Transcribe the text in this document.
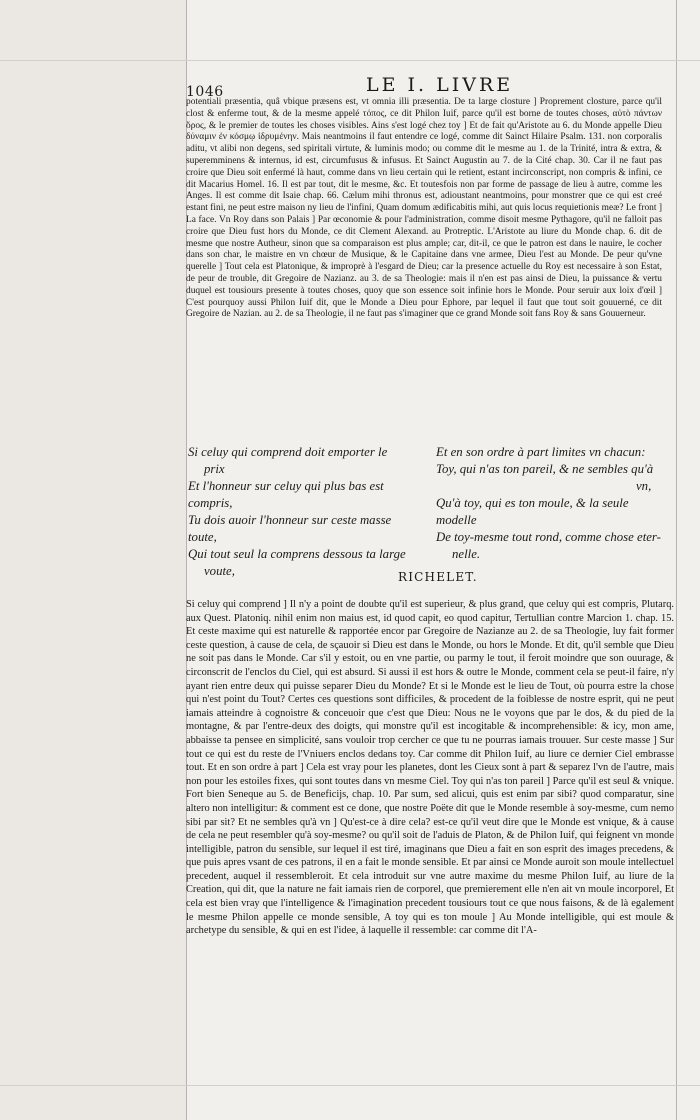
1046	LE I. LIVRE

potentiali præsentia, quâ vbique præsens est, vt omnia illi præsentia. De ta large closture ] Proprement closture, parce qu'il clost & enferme tout, & de la mesme appelé τόπος, ce dit Philon Iuif, parce qu'il est borne de toutes choses, αὐτὸ πάντων ὅρος, & le premier de toutes les choses visibles. Ains s'est logé chez toy ] Et de fait qu'Aristote au 6. du Monde appelle Dieu δύναμιν ἐν κόσμῳ ἱδρυμένην. Mais neantmoins il faut entendre ce logé, comme dit Sainct Hilaire Psalm. 131. non corporalis aditu, vt alibi non degens, sed spiritali virtute, & luminis modo; ou comme dit le mesme au 1. de la Trinité, intra & extra, & superemminens & internus, id est, circumfusus & infusus. Et Sainct Augustin au 7. de la Cité chap. 30. Car il ne faut pas croire que Dieu soit enfermé là haut, comme dans vn lieu certain qui le retient, estant incirconscript, non compris & infini, ce dit Macarius Homel. 16. Il est par tout, dit le mesme, &c. Et toutesfois non par forme de passage de lieu à autre, comme les Anges. Il est comme dit Isaie chap. 66. Cælum mihi thronus est, adioustant neantmoins, pour monstrer que ce qui est creé estant fini, ne peut estre maison ny lieu de l'infini, Quam domum ædificabitis mihi, aut quis locus requietionis meæ? Le front ] La face. Vn Roy dans son Palais ] Par œconomie & pour l'administration, comme disoit mesme Pythagore, qu'il ne falloit pas croire que Dieu fust hors du Monde, ce dit Clement Alexand. au Protreptic. L'Aristote au liure du Monde chap. 6. dit de mesme que nostre Autheur, sinon que sa comparaison est plus ample; car, dit-il, ce que le patron est dans le nauire, le cocher dans son char, le maistre en vn chœur de Musique, & le Capitaine dans vne armee, Dieu l'est au Monde. De peur qu'vne querelle ] Tout cela est Platonique, & improprè à l'esgard de Dieu; car la presence actuelle du Roy est necessaire à son Estat, de peur de trouble, dit Gregoire de Nazianz. au 3. de sa Theologie: mais il n'en est pas ainsi de Dieu, la puissance & vertu duquel est tousiours presente à toutes choses, quoy que son essence soit infinie hors le Monde. Pour seruir aux loix d'œil ] C'est pourquoy aussi Philon Iuif dit, que le Monde a Dieu pour Ephore, par lequel il faut que tout soit gouuerné, ce dit Gregoire de Nazian. au 2. de sa Theologie, il ne faut pas s'imaginer que ce grand Monde soit fans Roy & sans Gouuerneur.

Si celuy qui comprend doit emporter le
prix
Et l'honneur sur celuy qui plus bas est compris,
Tu dois auoir l'honneur sur ceste masse toute,
Qui tout seul la comprens dessous ta large
voute,
Et en son ordre à part limites vn chacun:
Toy, qui n'as ton pareil, & ne sembles qu'à
vn,
Qu'à toy, qui es ton moule, & la seule modelle
De toy-mesme tout rond, comme chose eter-
nelle.
RICHELET.

Si celuy qui comprend ] Il n'y a point de doubte qu'il est superieur, & plus grand, que celuy qui est compris, Plutarq. aux Quest. Platoniq. nihil enim non maius est, id quod capit, eo quod capitur, Tertullian contre Marcion 1. chap. 15. Et ceste maxime qui est naturelle & rapportée encor par Gregoire de Nazianze au 2. de sa Theologie, luy fait former ceste question, à cause de cela, de sçauoir si Dieu est dans le Monde, ou hors le Monde. Et dit, qu'il semble que Dieu ne soit pas dans le Monde. Car s'il y estoit, ou en vne partie, ou parmy le tout, il feroit moindre que son ouurage, & circonscrit de l'enclos du Ciel, qui est absurd. Si aussi il est hors & outre le Monde, comment cela se peut-il faire, n'y ayant rien entre deux qui puisse separer Dieu du Monde? Et si le Monde est le lieu de Tout, où pourra estre la chose qui n'est point du Tout? Certes ces questions sont difficiles, & procedent de la foiblesse de nostre esprit, qui ne peut iamais atteindre à cognoistre & conceuoir que c'est que Dieu: Nous ne le voyons que par le dos, & du pied de la montagne, & par l'entre-deux des doigts, qui monstre qu'il est incogitable & incomprehensible: & icy, mon ame, abbaisse ta pensee en simplicité, sans vouloir trop cercher ce que tu ne pourras iamais trouuer. Sur ceste masse ] Sur tout ce qui est du reste de l'Vniuers enclos dedans toy. Car comme dit Philon Iuif, au liure ce dernier Ciel embrasse tout. Et en son ordre à part ] Cela est vray pour les planetes, dont les Cieux sont à part & separez l'vn de l'autre, mais non pour les estoiles fixes, qui sont toutes dans vn mesme Ciel. Toy qui n'as ton pareil ] Parce qu'il est seul & vnique. Fort bien Seneque au 5. de Beneficijs, chap. 10. Par sum, sed alicui, quis est enim par sibi? quod comparatur, sine altero non intelligitur: & comment est ce done, que nostre Poëte dit que le Monde resemble à soy-mesme, cum nemo sibi par sit? Et ne sembles qu'à vn ] Qu'est-ce à dire cela? est-ce qu'il veut dire que le Monde est vnique, & à cause de cela ne peut resembler qu'à soy-mesme? ou qu'il soit de l'aduis de Platon, & de Philon Iuif, qui feignent vn monde intelligible, patron du sensible, sur lequel il est tiré, imaginans que Dieu a fait en son esprit des images precedens, & que puis apres vsant de ces patrons, il en a fait le monde sensible. Et par ainsi ce Monde auroit son moule intellectuel precedent, auquel il ressembleroit. Et cela introduit sur vne autre maxime du mesme Philon Iuif, au liure de la Creation, qui dit, que la nature ne fait iamais rien de corporel, que premierement elle n'en ait vn moule incorporel, Et cela est bien vray que l'intelligence & l'imagination precedent tousiours tout ce que nous faisons, & de là egalement le mesme Philon appelle ce monde sensible, A toy qui es ton moule ] Au Monde intelligible, qui est moule & archetype du sensible, & qui en est l'idee, à laquelle il ressemble: car comme dit l'A-
